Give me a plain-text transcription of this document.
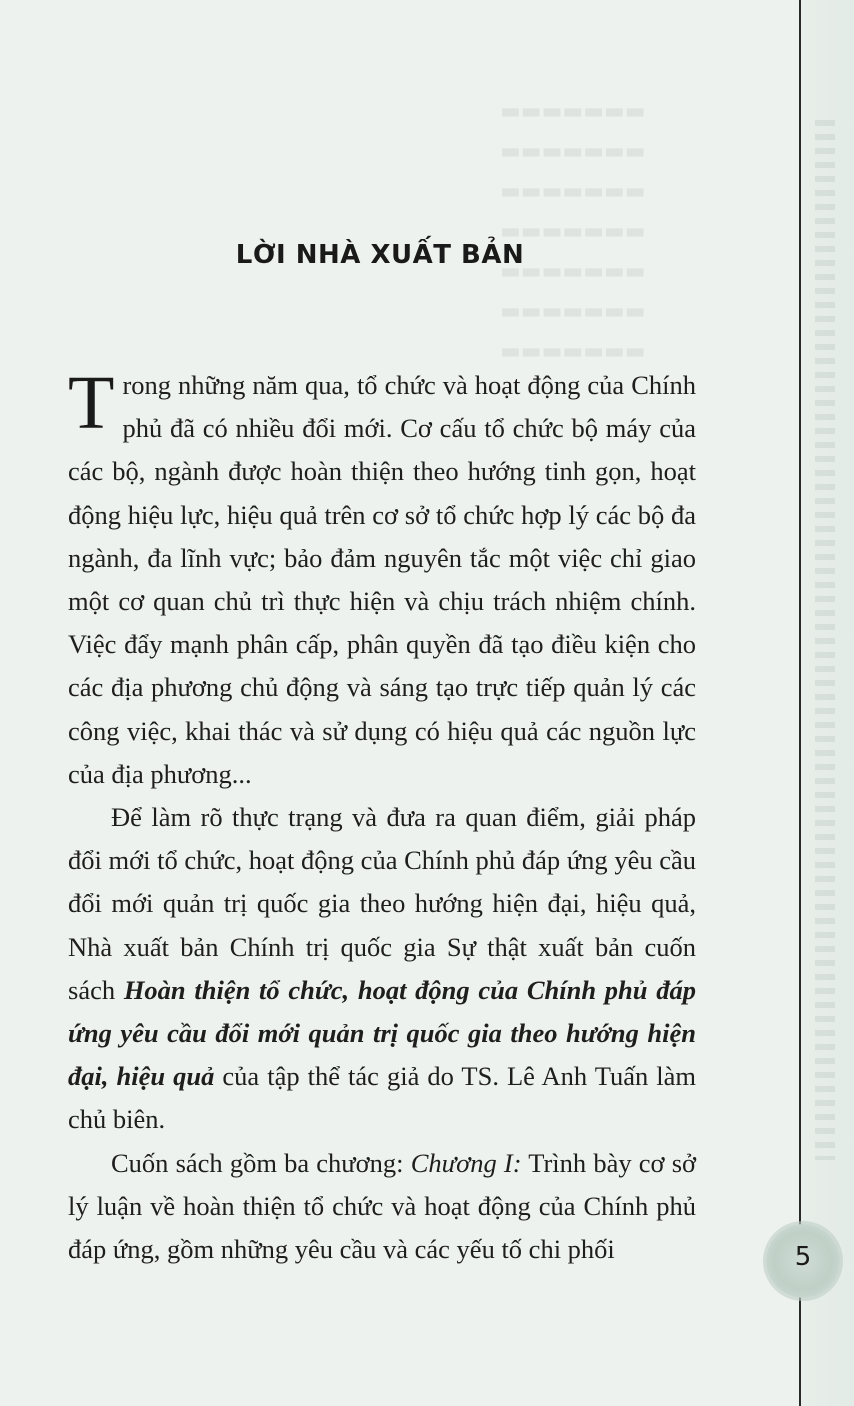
▬▬▬▬▬▬▬
▬▬▬▬▬▬▬
▬▬▬▬▬▬▬
▬▬▬▬▬▬▬
▬▬▬▬▬▬▬
▬▬▬▬▬▬▬
▬▬▬▬▬▬▬
LỜI NHÀ XUẤT BẢN

Trong những năm qua, tổ chức và hoạt động của Chính phủ đã có nhiều đổi mới. Cơ cấu tổ chức bộ máy của các bộ, ngành được hoàn thiện theo hướng tinh gọn, hoạt động hiệu lực, hiệu quả trên cơ sở tổ chức hợp lý các bộ đa ngành, đa lĩnh vực; bảo đảm nguyên tắc một việc chỉ giao một cơ quan chủ trì thực hiện và chịu trách nhiệm chính. Việc đẩy mạnh phân cấp, phân quyền đã tạo điều kiện cho các địa phương chủ động và sáng tạo trực tiếp quản lý các công việc, khai thác và sử dụng có hiệu quả các nguồn lực của địa phương...

Để làm rõ thực trạng và đưa ra quan điểm, giải pháp đổi mới tổ chức, hoạt động của Chính phủ đáp ứng yêu cầu đổi mới quản trị quốc gia theo hướng hiện đại, hiệu quả, Nhà xuất bản Chính trị quốc gia Sự thật xuất bản cuốn sách Hoàn thiện tổ chức, hoạt động của Chính phủ đáp ứng yêu cầu đổi mới quản trị quốc gia theo hướng hiện đại, hiệu quả của tập thể tác giả do TS. Lê Anh Tuấn làm chủ biên.

Cuốn sách gồm ba chương: Chương I: Trình bày cơ sở lý luận về hoàn thiện tổ chức và hoạt động của Chính phủ đáp ứng, gồm những yêu cầu và các yếu tố chi phối	5
